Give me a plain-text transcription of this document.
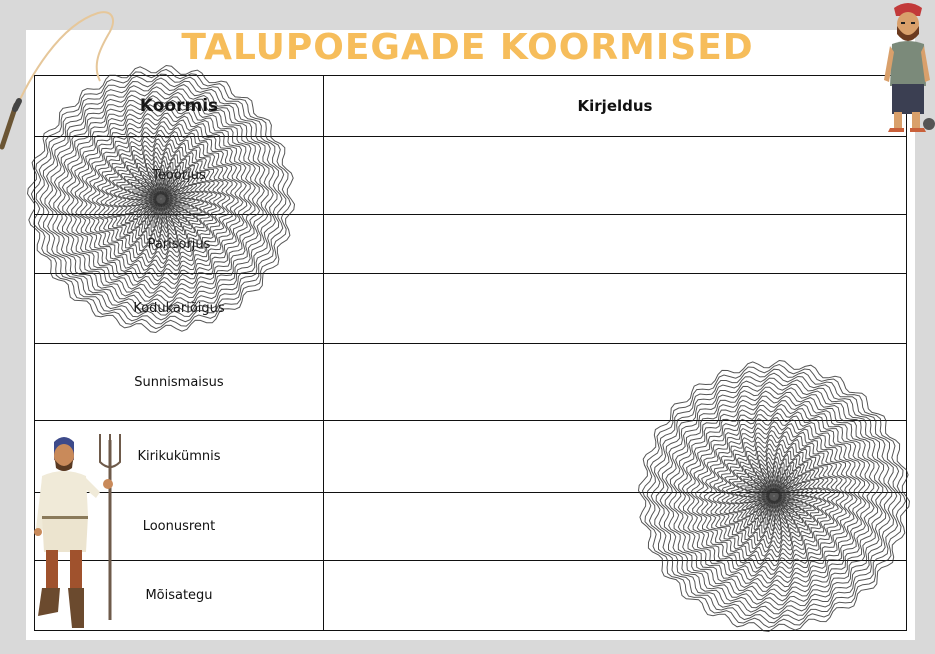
TALUPOEGADE KOORMISED
Koormis	Kirjeldus
Teoorjus	
Parisorjus	
Kodukariõigus	
Sunnismaisus	
Kirikukümnis	
Loonusrent	
Mõisategu	
